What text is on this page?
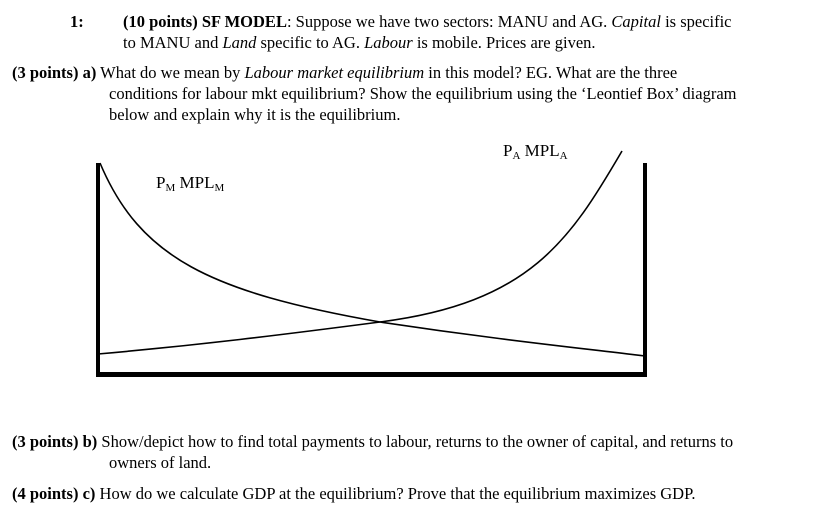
1: (10 points) SF MODEL: Suppose we have two sectors: MANU and AG. Capital is specific
to MANU and Land specific to AG. Labour is mobile. Prices are given.
(3 points) a) What do we mean by Labour market equilibrium in this model? EG. What are the three
conditions for labour mkt equilibrium? Show the equilibrium using the ‘Leontief Box’ diagram
below and explain why it is the equilibrium.
$P_A$ $MPL_A$
$P_M$ $MPL_M$
(3 points) b) Show/depict how to find total payments to labour, returns to the owner of capital, and returns to
owners of land.
(4 points) c) How do we calculate GDP at the equilibrium? Prove that the equilibrium maximizes GDP.
